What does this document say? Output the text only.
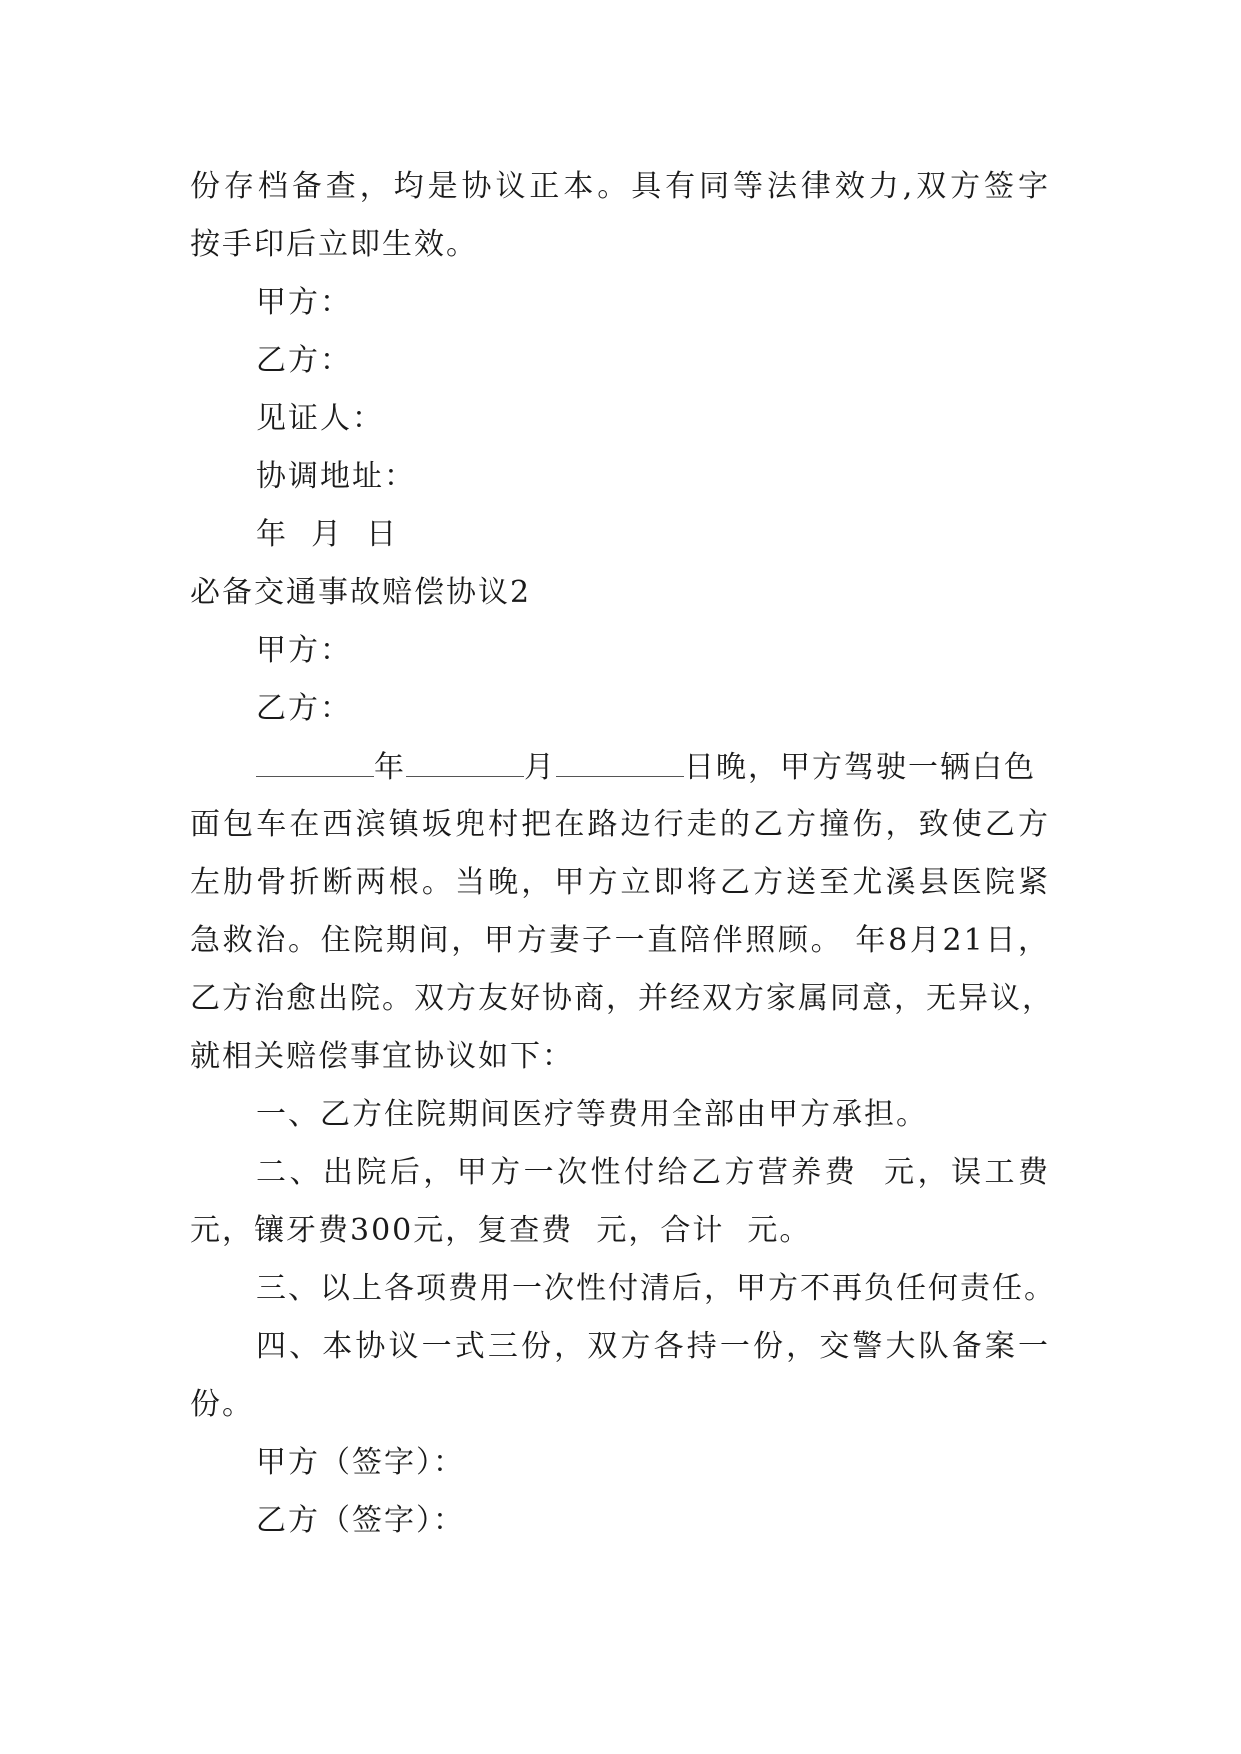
份存档备查，均是协议正本。具有同等法律效力,双方签字
按手印后立即生效。
甲方：
乙方：
见证人：
协调地址：
年  月  日
必备交通事故赔偿协议2
甲方：
乙方：
年	月	日晚，甲方驾驶一辆白色
面包车在西滨镇坂兜村把在路边行走的乙方撞伤，致使乙方
左肋骨折断两根。当晚，甲方立即将乙方送至尤溪县医院紧
急救治。住院期间，甲方妻子一直陪伴照顾。 年8月21日，
乙方治愈出院。双方友好协商，并经双方家属同意，无异议，
就相关赔偿事宜协议如下：
一、乙方住院期间医疗等费用全部由甲方承担。
二、出院后，甲方一次性付给乙方营养费  元，误工费
元，镶牙费300元，复查费  元，合计  元。
三、以上各项费用一次性付清后，甲方不再负任何责任。
四、本协议一式三份，双方各持一份，交警大队备案一
份。
甲方（签字）：
乙方（签字）：
